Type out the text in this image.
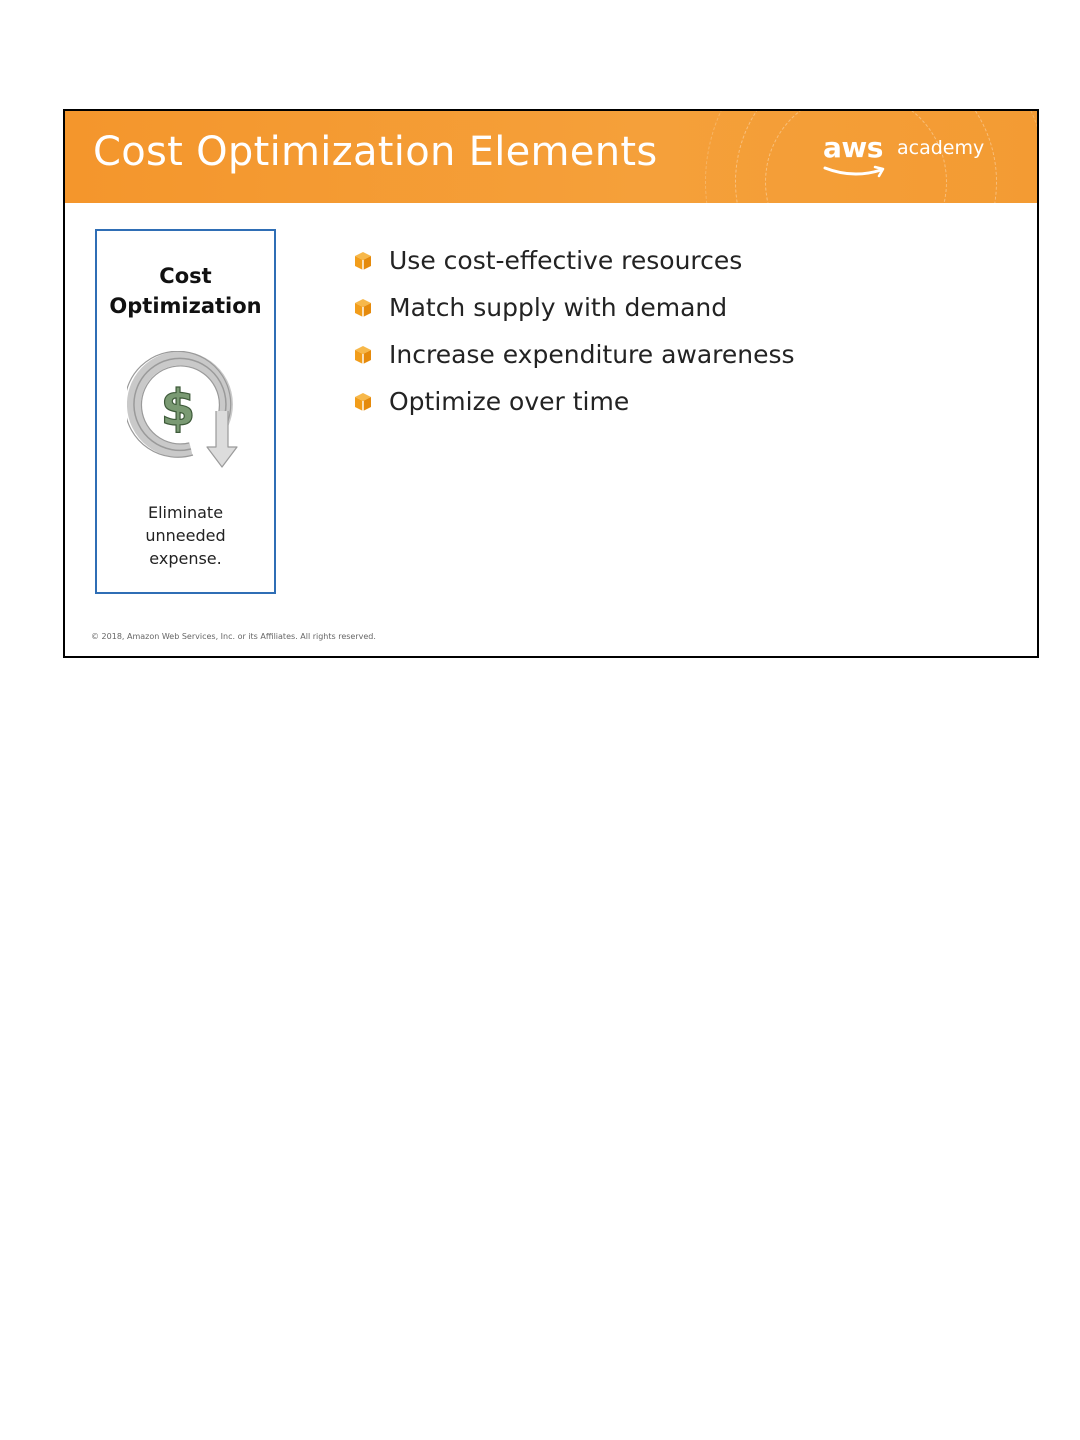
Cost Optimization Elements	aws academy
Cost
Optimization
$
Eliminate
unneeded
expense.
Use cost-effective resources
Match supply with demand
Increase expenditure awareness
Optimize over time
© 2018, Amazon Web Services, Inc. or its Affiliates. All rights reserved.
